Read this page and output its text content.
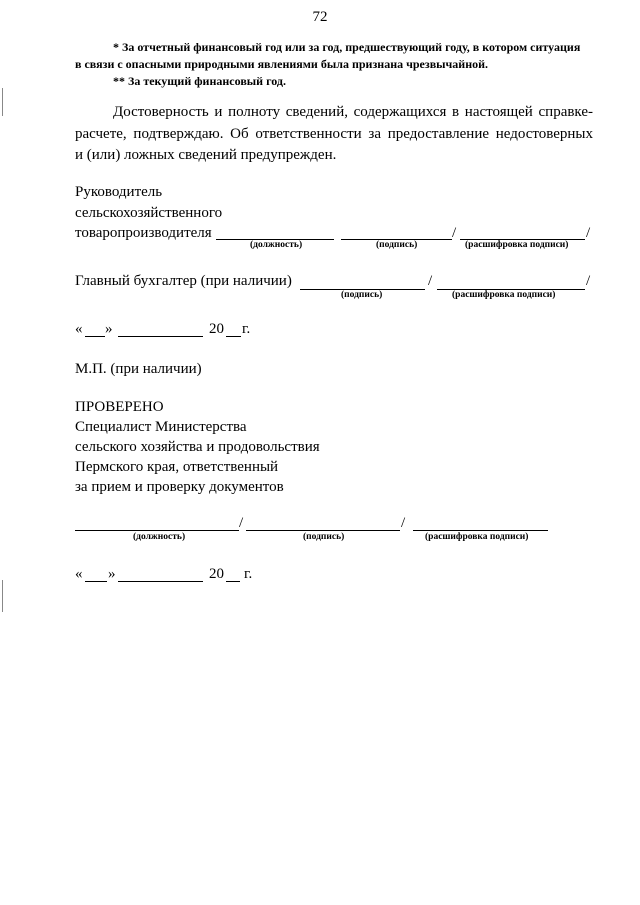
72
* За отчетный финансовый год или за год, предшествующий году, в котором ситуация
в связи с опасными природными явлениями была признана чрезвычайной.
** За текущий финансовый год.
Достоверность и полноту сведений, содержащихся в настоящей справке-
расчете, подтверждаю. Об ответственности за предоставление недостоверных
и (или) ложных сведений предупрежден.
Руководитель
сельскохозяйственного
товаропроизводителя	/	/
(должность)	(подпись)	(расшифровка подписи)
Главный бухгалтер (при наличии)	/	/
(подпись)	(расшифровка подписи)
« »	20 г.
М.П. (при наличии)
ПРОВЕРЕНО
Специалист Министерства
сельского хозяйства и продовольствия
Пермского края, ответственный
за прием и проверку документов
/	/
(должность)	(подпись)	(расшифровка подписи)
« »	20 г.
